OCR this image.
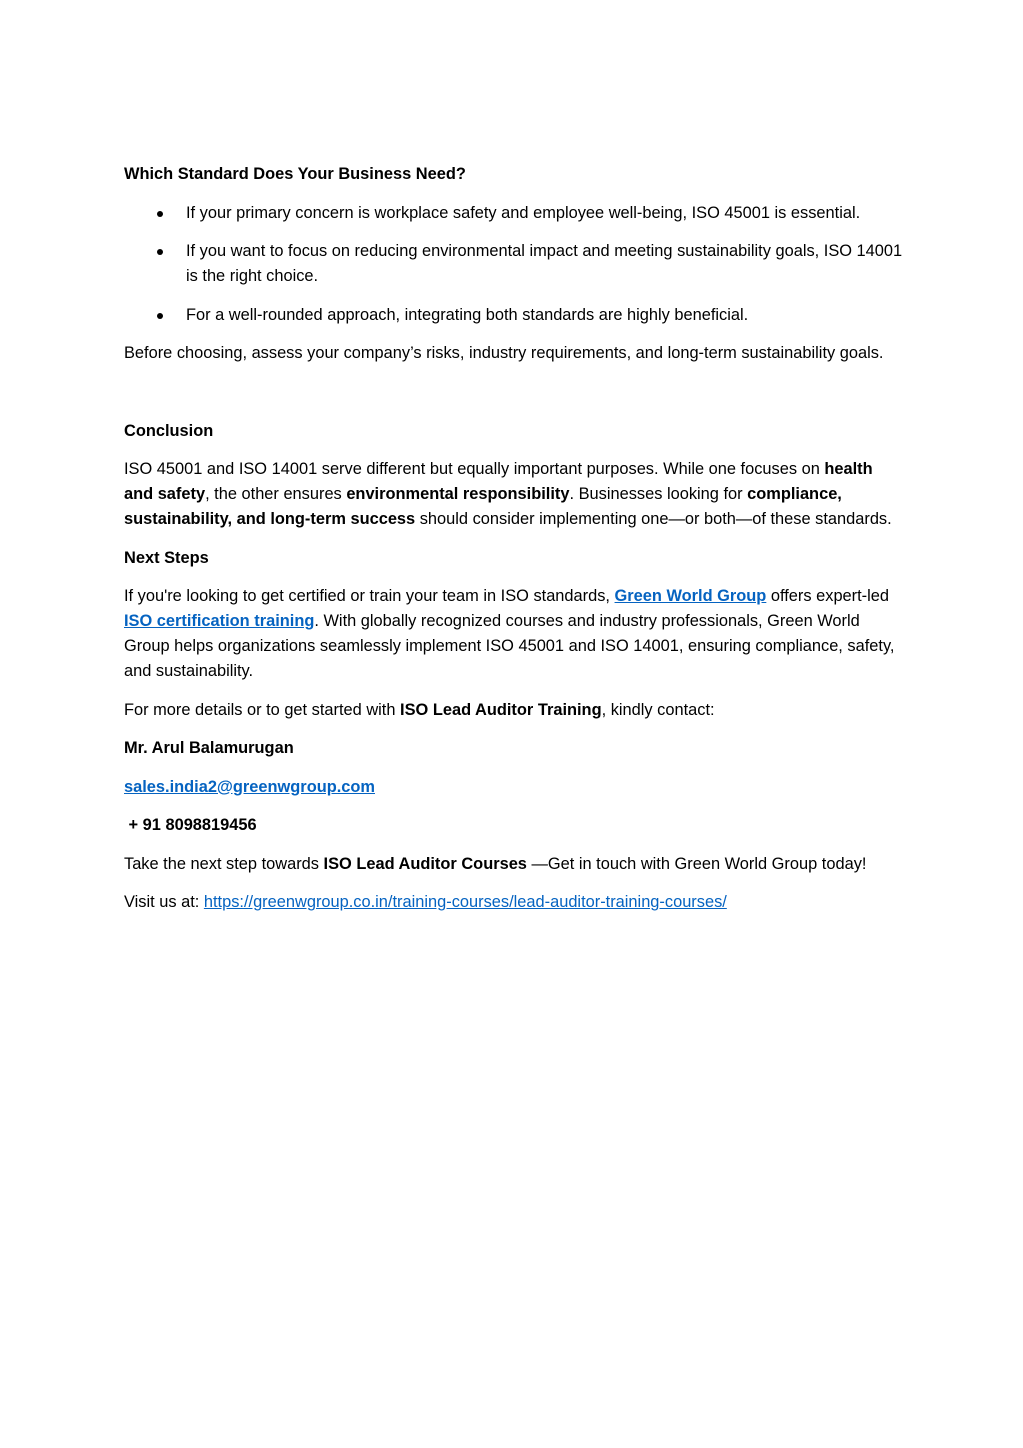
Which Standard Does Your Business Need?

If your primary concern is workplace safety and employee well-being, ISO 45001 is essential.
If you want to focus on reducing environmental impact and meeting sustainability goals, ISO 14001 is the right choice.
For a well-rounded approach, integrating both standards are highly beneficial.

Before choosing, assess your company’s risks, industry requirements, and long-term sustainability goals.

Conclusion

ISO 45001 and ISO 14001 serve different but equally important purposes. While one focuses on health and safety, the other ensures environmental responsibility. Businesses looking for compliance, sustainability, and long-term success should consider implementing one—or both—of these standards.

Next Steps

If you're looking to get certified or train your team in ISO standards, Green World Group offers expert-led ISO certification training. With globally recognized courses and industry professionals, Green World Group helps organizations seamlessly implement ISO 45001 and ISO 14001, ensuring compliance, safety, and sustainability.

For more details or to get started with ISO Lead Auditor Training, kindly contact:

Mr. Arul Balamurugan

sales.india2@greenwgroup.com

+ 91 8098819456

Take the next step towards ISO Lead Auditor Courses —Get in touch with Green World Group today!

Visit us at: https://greenwgroup.co.in/training-courses/lead-auditor-training-courses/
